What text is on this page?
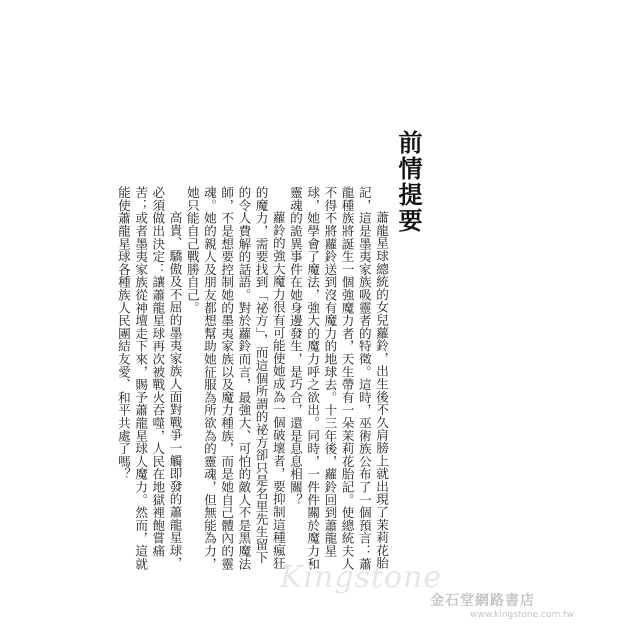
前情提要

蕭龍星球總統的女兒蘿鈴，出生後不久肩膀上就出現了茉莉花胎記，這是墨夷家族吸靈者的特徵。這時，巫術族公布了一個預言：蕭龍種族將誕生一個強魔力者，天生帶有一朵茉莉花胎記。使總統夫人不得不將蘿鈴送到沒有魔力的地球去。十三年後，蘿鈴回到蕭龍星球，她學會了魔法，強大的魔力呼之欲出。同時，一件件關於魔力和靈魂的詭異事件在她身邊發生，是巧合，還是息息相關？

蘿鈴的強大魔力很有可能使她成為一個破壞者，要抑制這種瘋狂的魔力，需要找到「祕方」，而這個所謂的祕方卻只是名里先生留下的令人費解的話語。對於蘿鈴而言，最強大、可怕的敵人不是黑魔法師，不是想要控制她的墨夷家族以及魔力種族，而是她自己體內的靈魂。她的親人及朋友都想幫助她征服為所欲為的靈魂，但無能為力，她只能自己戰勝自己。

高貴、驕傲及不屈的墨夷家族人面對戰爭一觸即發的蕭龍星球，必須做出決定：讓蕭龍星球再次被戰火吞噬，人民在地獄裡飽嘗痛苦；或者墨夷家族從神壇走下來，賜予蕭龍星球人魔力。然而，這就能使蕭龍星球各種族人民團結友愛、和平共處了嗎？

Kingstone
金石堂網路書店
www.kingstone.com.tw
